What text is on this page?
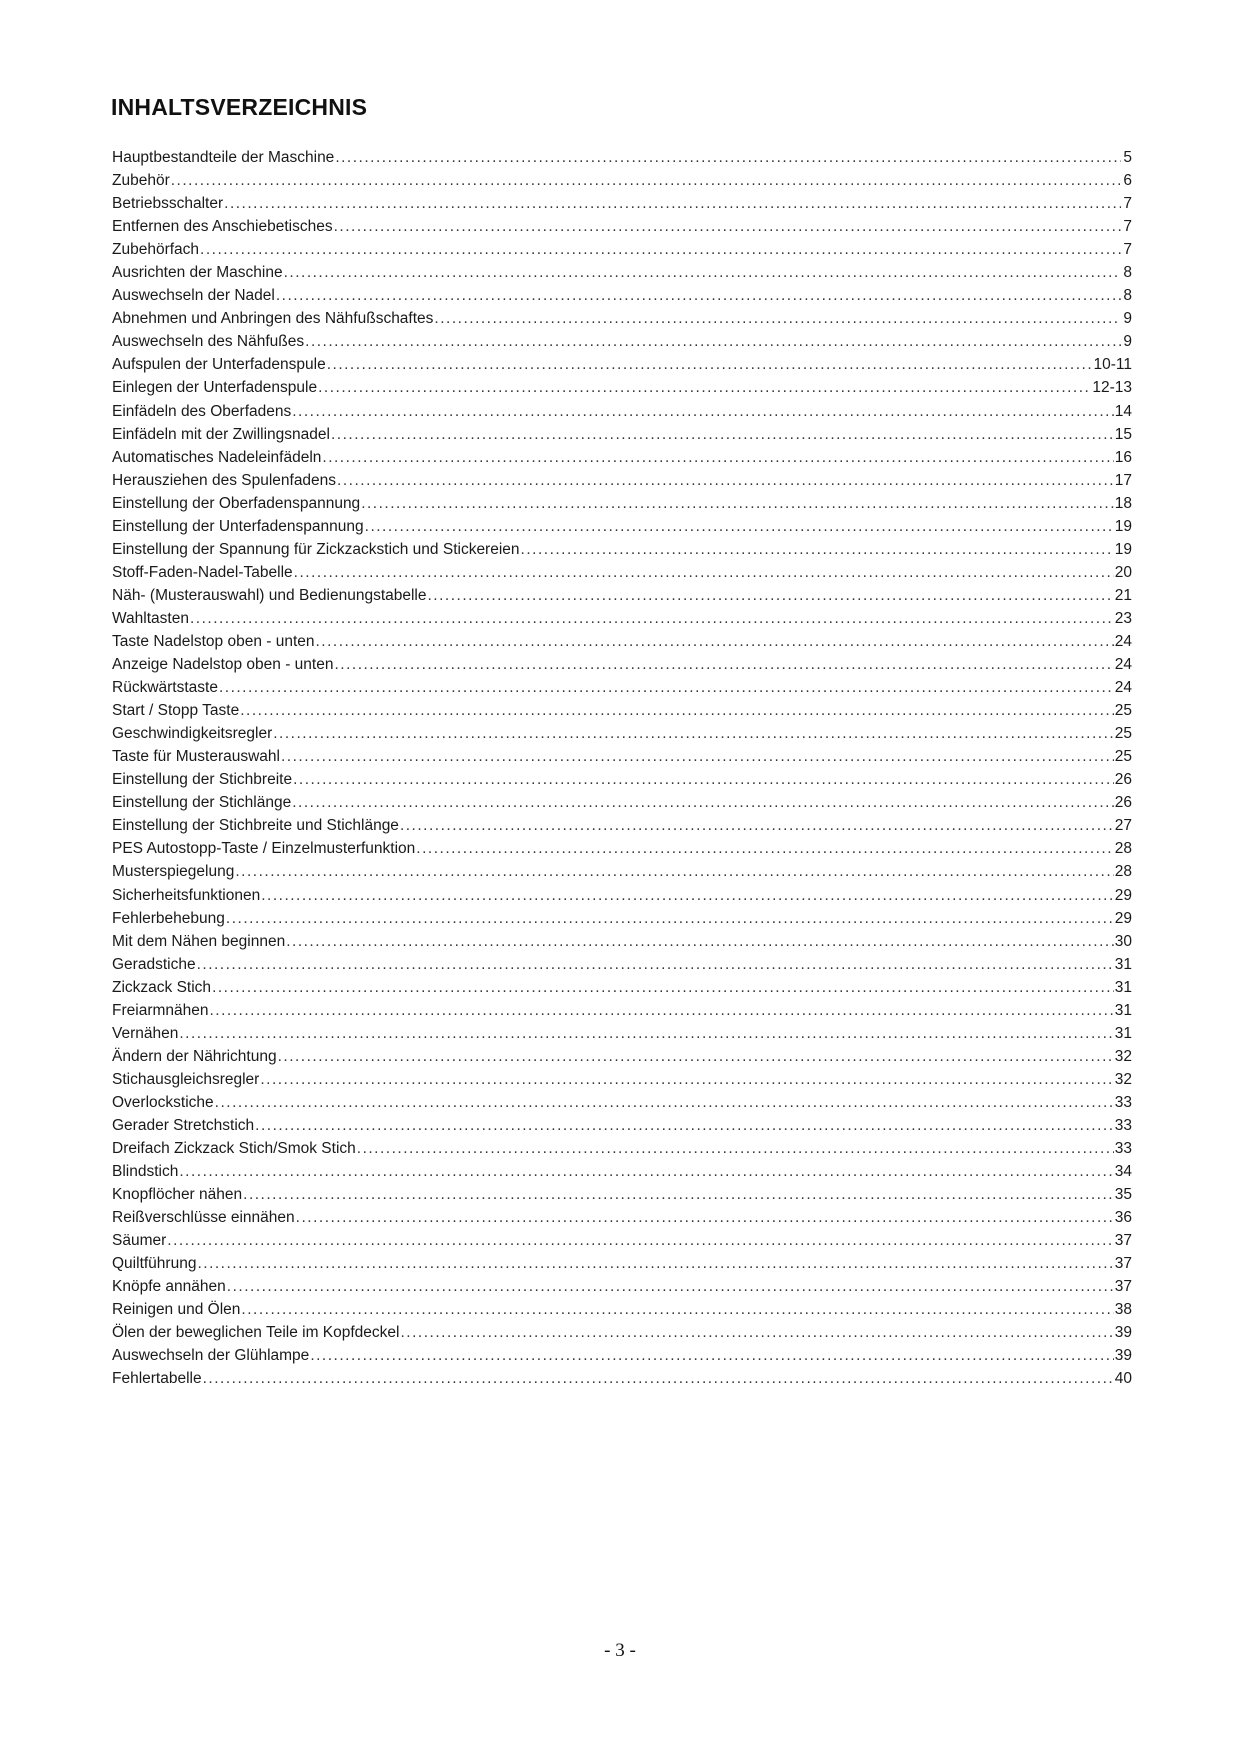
INHALTSVERZEICHNIS
Hauptbestandteile der Maschine .....	5
Zubehör .....	6
Betriebsschalter .....	7
Entfernen des Anschiebetisches .....	7
Zubehörfach .....	7
Ausrichten der Maschine .....	8
Auswechseln der Nadel .....	8
Abnehmen und Anbringen des Nähfußschaftes .....	9
Auswechseln des Nähfußes .....	9
Aufspulen der Unterfadenspule .....	10-11
Einlegen der Unterfadenspule .....	12-13
Einfädeln des Oberfadens .....	14
Einfädeln mit der Zwillingsnadel .....	15
Automatisches Nadeleinfädeln .....	16
Herausziehen des Spulenfadens .....	17
Einstellung der Oberfadenspannung .....	18
Einstellung der Unterfadenspannung .....	19
Einstellung der Spannung für Zickzackstich und Stickereien .....	19
Stoff-Faden-Nadel-Tabelle .....	20
Näh- (Musterauswahl) und Bedienungstabelle .....	21
Wahltasten .....	23
Taste Nadelstop oben - unten .....	24
Anzeige Nadelstop oben - unten .....	24
Rückwärtstaste .....	24
Start / Stopp Taste .....	25
Geschwindigkeitsregler .....	25
Taste für Musterauswahl .....	25
Einstellung der Stichbreite .....	26
Einstellung der Stichlänge .....	26
Einstellung der Stichbreite und Stichlänge .....	27
PES Autostopp-Taste / Einzelmusterfunktion .....	28
Musterspiegelung .....	28
Sicherheitsfunktionen .....	29
Fehlerbehebung .....	29
Mit dem Nähen beginnen .....	30
Geradstiche .....	31
Zickzack Stich .....	31
Freiarmnähen .....	31
Vernähen .....	31
Ändern der Nährichtung .....	32
Stichausgleichsregler .....	32
Overlockstiche .....	33
Gerader Stretchstich .....	33
Dreifach Zickzack Stich/Smok Stich .....	33
Blindstich .....	34
Knopflöcher nähen .....	35
Reißverschlüsse einnähen .....	36
Säumer .....	37
Quiltführung .....	37
Knöpfe annähen .....	37
Reinigen und Ölen .....	38
Ölen der beweglichen Teile im Kopfdeckel .....	39
Auswechseln der Glühlampe .....	39
Fehlertabelle .....	40
- 3 -
